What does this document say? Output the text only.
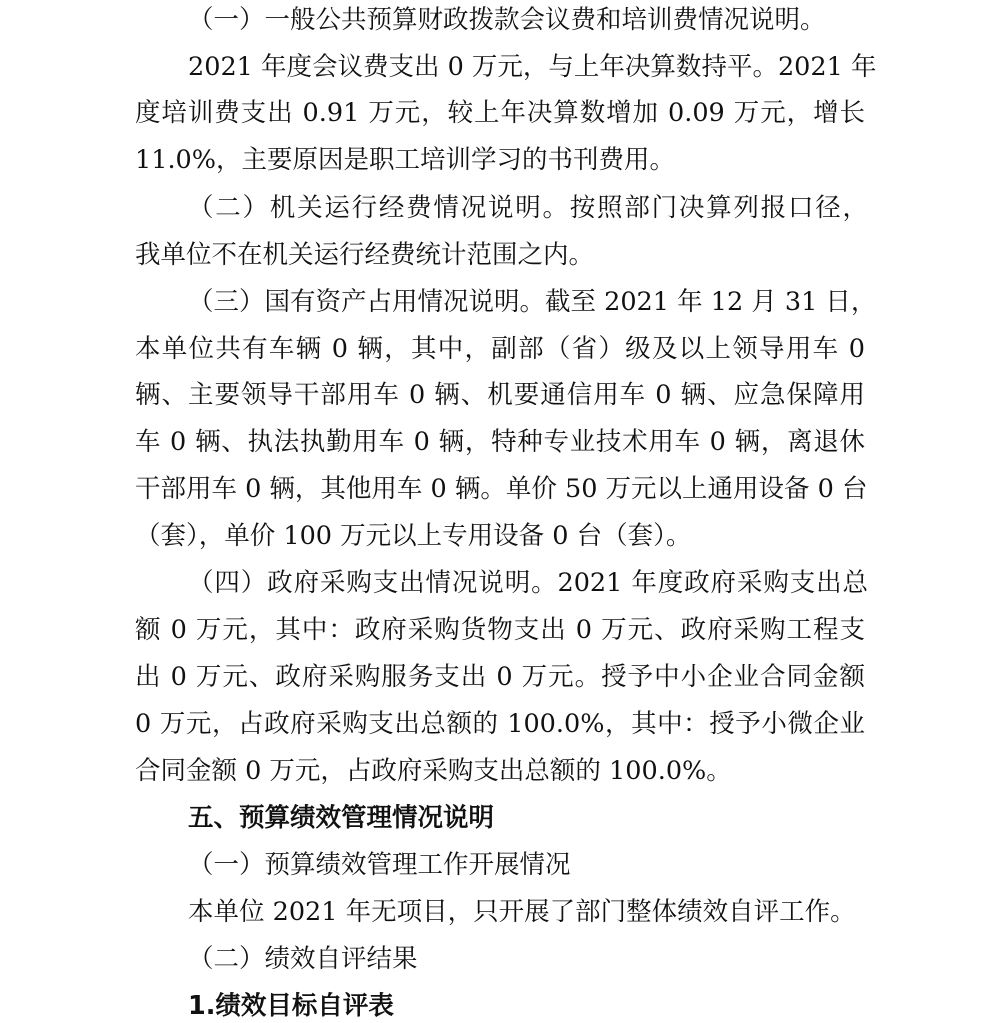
（一）一般公共预算财政拨款会议费和培训费情况说明。
2021 年度会议费支出 0 万元，与上年决算数持平。2021 年
度培训费支出 0.91 万元，较上年决算数增加 0.09 万元，增长
11.0%，主要原因是职工培训学习的书刊费用。
（二）机关运行经费情况说明。按照部门决算列报口径，
我单位不在机关运行经费统计范围之内。
（三）国有资产占用情况说明。截至 2021 年 12 月 31 日，
本单位共有车辆 0 辆，其中，副部（省）级及以上领导用车 0
辆、主要领导干部用车 0 辆、机要通信用车 0 辆、应急保障用
车 0 辆、执法执勤用车 0 辆，特种专业技术用车 0 辆，离退休
干部用车 0 辆，其他用车 0 辆。单价 50 万元以上通用设备 0 台
（套），单价 100 万元以上专用设备 0 台（套）。
（四）政府采购支出情况说明。2021 年度政府采购支出总
额 0 万元，其中：政府采购货物支出 0 万元、政府采购工程支
出 0 万元、政府采购服务支出 0 万元。授予中小企业合同金额
0 万元，占政府采购支出总额的 100.0%，其中：授予小微企业
合同金额 0 万元，占政府采购支出总额的 100.0%。
五、预算绩效管理情况说明
（一）预算绩效管理工作开展情况
本单位 2021 年无项目，只开展了部门整体绩效自评工作。
（二）绩效自评结果
1.绩效目标自评表
